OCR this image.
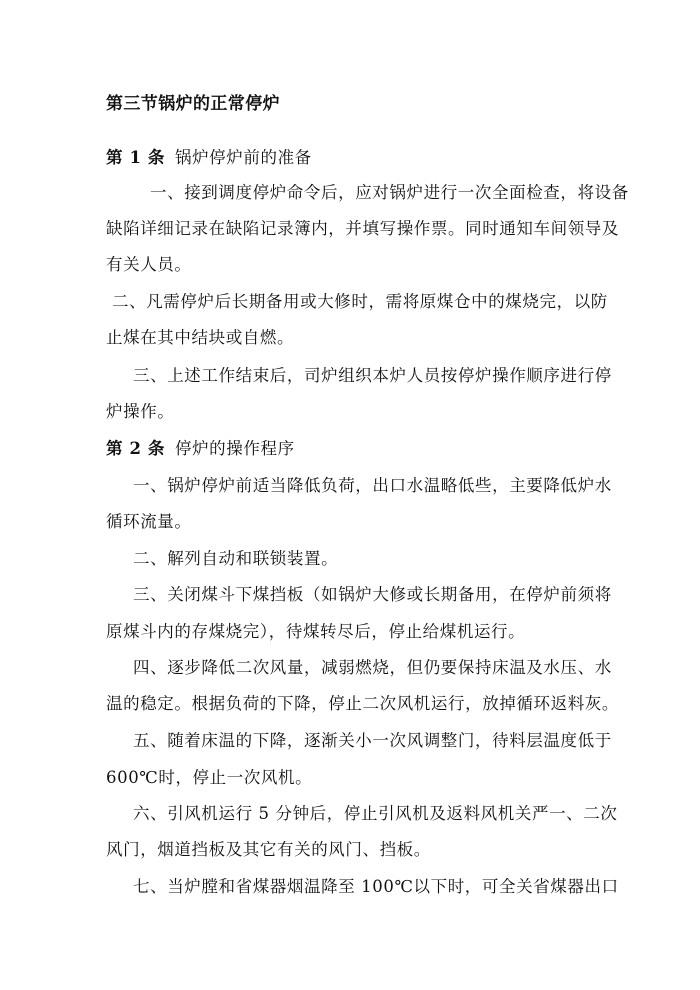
第三节锅炉的正常停炉
第 1 条 锅炉停炉前的准备
一、接到调度停炉命令后，应对锅炉进行一次全面检查，将设备
缺陷详细记录在缺陷记录簿内，并填写操作票。同时通知车间领导及
有关人员。
二、凡需停炉后长期备用或大修时，需将原煤仓中的煤烧完，以防
止煤在其中结块或自燃。
三、上述工作结束后，司炉组织本炉人员按停炉操作顺序进行停
炉操作。
第 2 条 停炉的操作程序
一、锅炉停炉前适当降低负荷，出口水温略低些，主要降低炉水
循环流量。
二、解列自动和联锁装置。
三、关闭煤斗下煤挡板（如锅炉大修或长期备用，在停炉前须将
原煤斗内的存煤烧完），待煤转尽后，停止给煤机运行。
四、逐步降低二次风量，减弱燃烧，但仍要保持床温及水压、水
温的稳定。根据负荷的下降，停止二次风机运行，放掉循环返料灰。
五、随着床温的下降，逐渐关小一次风调整门，待料层温度低于
600℃时，停止一次风机。
六、引风机运行 5 分钟后，停止引风机及返料风机关严一、二次
风门，烟道挡板及其它有关的风门、挡板。
七、当炉膛和省煤器烟温降至 100℃以下时，可全关省煤器出口
